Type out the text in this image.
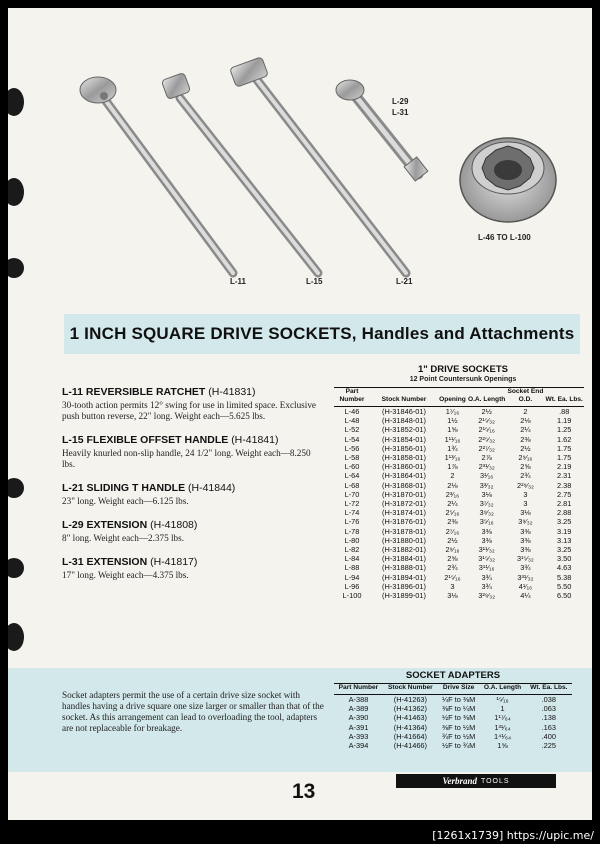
L-11	L-15	L-21
L-29
L-31
L-46 TO L-100
1 INCH SQUARE DRIVE SOCKETS, Handles and Attachments
L-11 REVERSIBLE RATCHET (H-41831)
30-tooth action permits 12° swing for use in limited space. Exclusive push button reverse, 22" long. Weight each—5.625 lbs.
L-15 FLEXIBLE OFFSET HANDLE (H-41841)
Heavily knurled non-slip handle, 24 1/2" long. Weight each—8.250 lbs.
L-21 SLIDING T HANDLE (H-41844)
23" long. Weight each—6.125 lbs.
L-29 EXTENSION (H-41808)
8" long. Weight each—2.375 lbs.
L-31 EXTENSION (H-41817)
17" long. Weight each—4.375 lbs.
1" DRIVE SOCKETS
12 Point Countersunk Openings
Part Number	Stock Number	Opening	O.A. Length	Socket End O.D.	Wt. Ea. Lbs.
L-46	(H-31846-01)	1⁷⁄₁₆	2½	2	.88
L-48	(H-31848-01)	1½	2¹⁵⁄₃₂	2⅛	1.19
L-52	(H-31852-01)	1⅝	2¹⁵⁄₁₆	2¼	1.25
L-54	(H-31854-01)	1¹¹⁄₁₆	2²⁵⁄₃₂	2⅜	1.62
L-56	(H-31856-01)	1¾	2²⁷⁄₃₂	2½	1.75
L-58	(H-31858-01)	1¹³⁄₁₆	2⅞	2⁹⁄₁₆	1.75
L-60	(H-31860-01)	1⅞	2³¹⁄₃₂	2⅝	2.19
L-64	(H-31864-01)	2	3¹⁄₁₆	2¾	2.31
L-68	(H-31868-01)	2⅛	3³⁄₃₂	2²⁹⁄₃₂	2.38
L-70	(H-31870-01)	2³⁄₁₆	3⅛	3	2.75
L-72	(H-31872-01)	2¼	3⁷⁄₃₂	3	2.81
L-74	(H-31874-01)	2⁵⁄₁₆	3⁹⁄₃₂	3⅛	2.88
L-76	(H-31876-01)	2⅜	3⁵⁄₁₆	3⁹⁄₃₂	3.25
L-78	(H-31878-01)	2⁷⁄₁₆	3⅜	3⅜	3.19
L-80	(H-31880-01)	2½	3⅜	3⅜	3.13
L-82	(H-31882-01)	2⁹⁄₁₆	3¹¹⁄₃₂	3⅜	3.25
L-84	(H-31884-01)	2⅝	3¹⁵⁄₃₂	3¹⁵⁄₃₂	3.50
L-88	(H-31888-01)	2¾	3¹¹⁄₁₆	3¾	4.63
L-94	(H-31894-01)	2¹⁵⁄₁₆	3¾	3³¹⁄₃₂	5.38
L-96	(H-31896-01)	3	3¾	4¹⁄₁₆	5.50
L-100	(H-31899-01)	3⅛	3²⁹⁄₃₂	4¼	6.50
Socket adapters permit the use of a certain drive size socket with handles having a drive square one size larger or smaller than that of the socket. As this arrangement can lead to overloading the tool, adapters are not replaceable for breakage.
SOCKET ADAPTERS
Part Number	Stock Number	Drive Size	O.A. Length	Wt. Ea. Lbs.
A-388	(H-41263)	¼F to ⅜M	¹⁵⁄₁₆	.038
A-389	(H-41362)	⅜F to ¼M	1	.063
A-390	(H-41463)	½F to ⅜M	1¹⁷⁄₆₄	.138
A-391	(H-41364)	⅜F to ½M	1³¹⁄₆₄	.163
A-393	(H-41664)	¾F to ½M	1⁴¹⁄₆₄	.400
A-394	(H-41466)	½F to ¾M	1⅝	.225
13	Verbrand TOOLS
[1261x1739] https://upic.me/
